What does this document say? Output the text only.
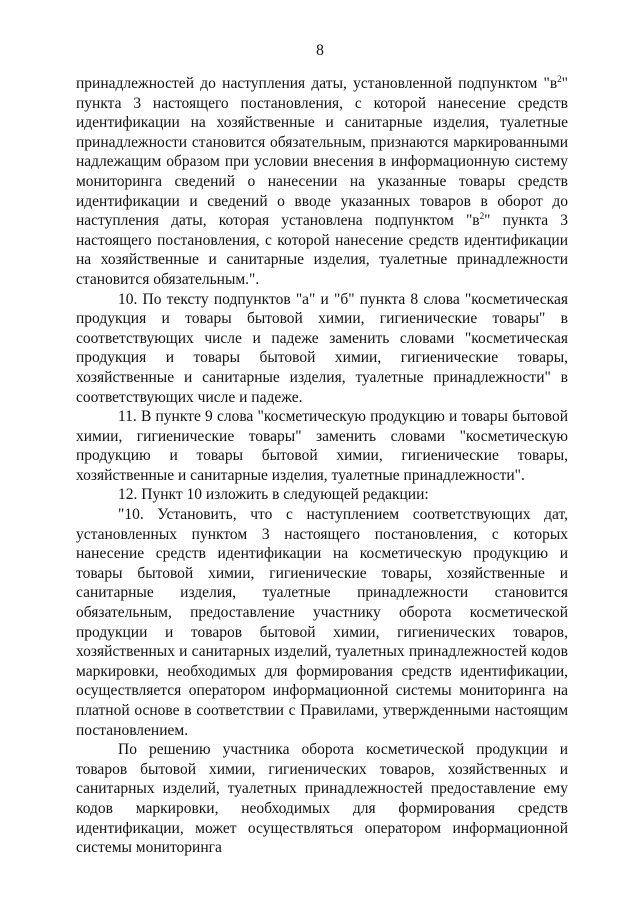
8

принадлежностей до наступления даты, установленной подпунктом "$в^2$" пункта 3 настоящего постановления, с которой нанесение средств идентификации на хозяйственные и санитарные изделия, туалетные принадлежности становится обязательным, признаются маркированными надлежащим образом при условии внесения в информационную систему мониторинга сведений о нанесении на указанные товары средств идентификации и сведений о вводе указанных товаров в оборот до наступления даты, которая установлена подпунктом "$в^2$" пункта 3 настоящего постановления, с которой нанесение средств идентификации на хозяйственные и санитарные изделия, туалетные принадлежности становится обязательным.".

10. По тексту подпунктов "а" и "б" пункта 8 слова "косметическая продукция и товары бытовой химии, гигиенические товары" в соответствующих числе и падеже заменить словами "косметическая продукция и товары бытовой химии, гигиенические товары, хозяйственные и санитарные изделия, туалетные принадлежности" в соответствующих числе и падеже.

11. В пункте 9 слова "косметическую продукцию и товары бытовой химии, гигиенические товары" заменить словами "косметическую продукцию и товары бытовой химии, гигиенические товары, хозяйственные и санитарные изделия, туалетные принадлежности".

12. Пункт 10 изложить в следующей редакции:

"10. Установить, что с наступлением соответствующих дат, установленных пунктом 3 настоящего постановления, с которых нанесение средств идентификации на косметическую продукцию и товары бытовой химии, гигиенические товары, хозяйственные и санитарные изделия, туалетные принадлежности становится обязательным, предоставление участнику оборота косметической продукции и товаров бытовой химии, гигиенических товаров, хозяйственных и санитарных изделий, туалетных принадлежностей кодов маркировки, необходимых для формирования средств идентификации, осуществляется оператором информационной системы мониторинга на платной основе в соответствии с Правилами, утвержденными настоящим постановлением.

По решению участника оборота косметической продукции и товаров бытовой химии, гигиенических товаров, хозяйственных и санитарных изделий, туалетных принадлежностей предоставление ему кодов маркировки, необходимых для формирования средств идентификации, может осуществляться оператором информационной системы мониторинга
